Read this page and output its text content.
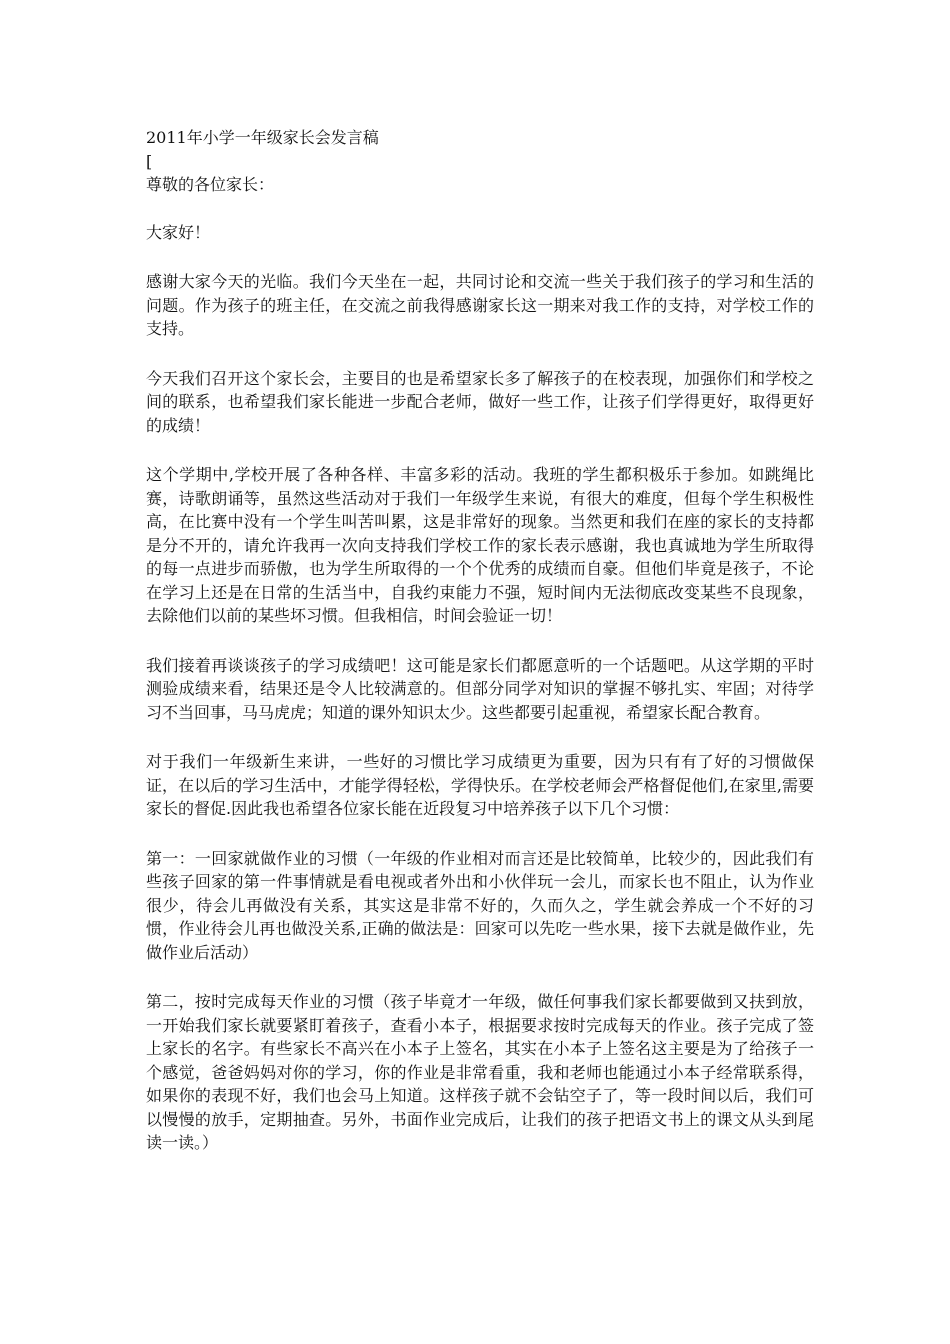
2011年小学一年级家长会发言稿

[

尊敬的各位家长：

大家好！

感谢大家今天的光临。我们今天坐在一起，共同讨论和交流一些关于我们孩子的学习和生活的问题。作为孩子的班主任，在交流之前我得感谢家长这一期来对我工作的支持，对学校工作的支持。

今天我们召开这个家长会，主要目的也是希望家长多了解孩子的在校表现，加强你们和学校之间的联系，也希望我们家长能进一步配合老师，做好一些工作，让孩子们学得更好，取得更好的成绩！

这个学期中,学校开展了各种各样、丰富多彩的活动。我班的学生都积极乐于参加。如跳绳比赛，诗歌朗诵等，虽然这些活动对于我们一年级学生来说，有很大的难度，但每个学生积极性高，在比赛中没有一个学生叫苦叫累，这是非常好的现象。当然更和我们在座的家长的支持都是分不开的，请允许我再一次向支持我们学校工作的家长表示感谢，我也真诚地为学生所取得的每一点进步而骄傲，也为学生所取得的一个个优秀的成绩而自豪。但他们毕竟是孩子，不论在学习上还是在日常的生活当中，自我约束能力不强，短时间内无法彻底改变某些不良现象，去除他们以前的某些坏习惯。但我相信，时间会验证一切！

我们接着再谈谈孩子的学习成绩吧！这可能是家长们都愿意听的一个话题吧。从这学期的平时测验成绩来看，结果还是令人比较满意的。但部分同学对知识的掌握不够扎实、牢固；对待学习不当回事，马马虎虎；知道的课外知识太少。这些都要引起重视，希望家长配合教育。

对于我们一年级新生来讲，一些好的习惯比学习成绩更为重要，因为只有有了好的习惯做保证，在以后的学习生活中，才能学得轻松，学得快乐。在学校老师会严格督促他们,在家里,需要家长的督促.因此我也希望各位家长能在近段复习中培养孩子以下几个习惯：

第一：一回家就做作业的习惯（一年级的作业相对而言还是比较简单，比较少的，因此我们有些孩子回家的第一件事情就是看电视或者外出和小伙伴玩一会儿，而家长也不阻止，认为作业很少，待会儿再做没有关系，其实这是非常不好的，久而久之，学生就会养成一个不好的习惯，作业待会儿再也做没关系,正确的做法是：回家可以先吃一些水果，接下去就是做作业，先做作业后活动）

第二，按时完成每天作业的习惯（孩子毕竟才一年级，做任何事我们家长都要做到又扶到放，一开始我们家长就要紧盯着孩子，查看小本子，根据要求按时完成每天的作业。孩子完成了签上家长的名字。有些家长不高兴在小本子上签名，其实在小本子上签名这主要是为了给孩子一个感觉，爸爸妈妈对你的学习，你的作业是非常看重，我和老师也能通过小本子经常联系得，如果你的表现不好，我们也会马上知道。这样孩子就不会钻空子了，等一段时间以后，我们可以慢慢的放手，定期抽查。另外，书面作业完成后，让我们的孩子把语文书上的课文从头到尾读一读。）
